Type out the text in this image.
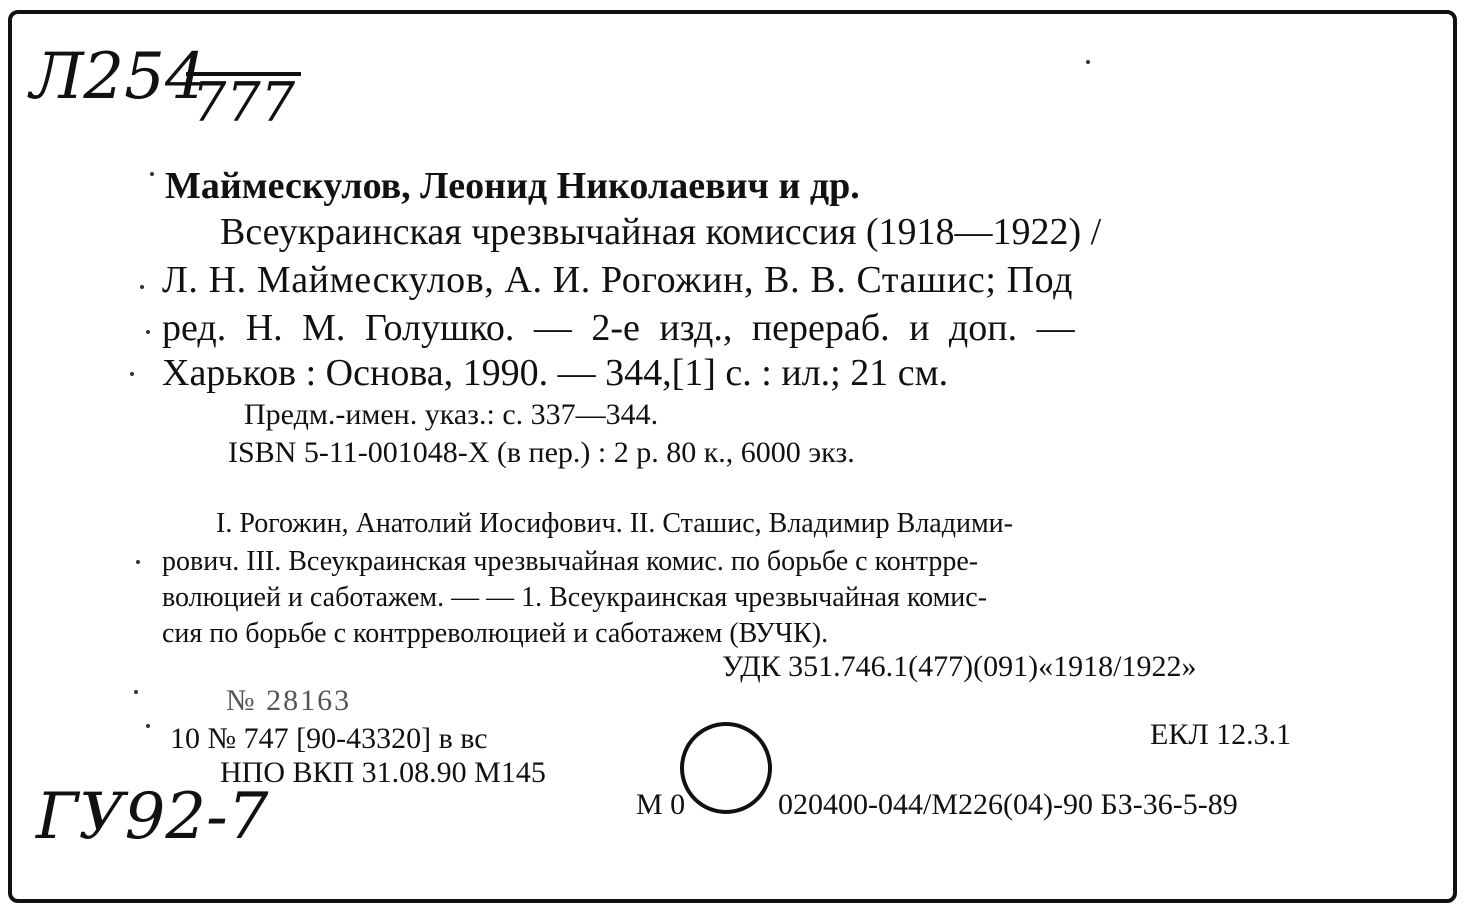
Л254
777
Маймескулов, Леонид Николаевич и др.
Всеукраинская чрезвычайная комиссия (1918—1922) /
Л. Н. Маймескулов, А. И. Рогожин, В. В. Сташис; Под
ред. Н. М. Голушко. — 2-е изд., перераб. и доп. —
Харьков : Основа, 1990. — 344,[1] с. : ил.; 21 см.
Предм.-имен. указ.: с. 337—344.
ISBN 5-11-001048-X (в пер.) : 2 р. 80 к., 6000 экз.
I. Рогожин, Анатолий Иосифович. II. Сташис, Владимир Владими-
рович. III. Всеукраинская чрезвычайная комис. по борьбе с контрре-
волюцией и саботажем. — — 1. Всеукраинская чрезвычайная комис-
сия по борьбе с контрреволюцией и саботажем (ВУЧК).
УДК 351.746.1(477)(091)«1918/1922»
№ 28163
10 № 747 [90-43320] в вс
НПО ВКП 31.08.90 М145
ЕКЛ 12.3.1
М 0	020400-044/М226(04)-90 БЗ-36-5-89
ГУ92-7
